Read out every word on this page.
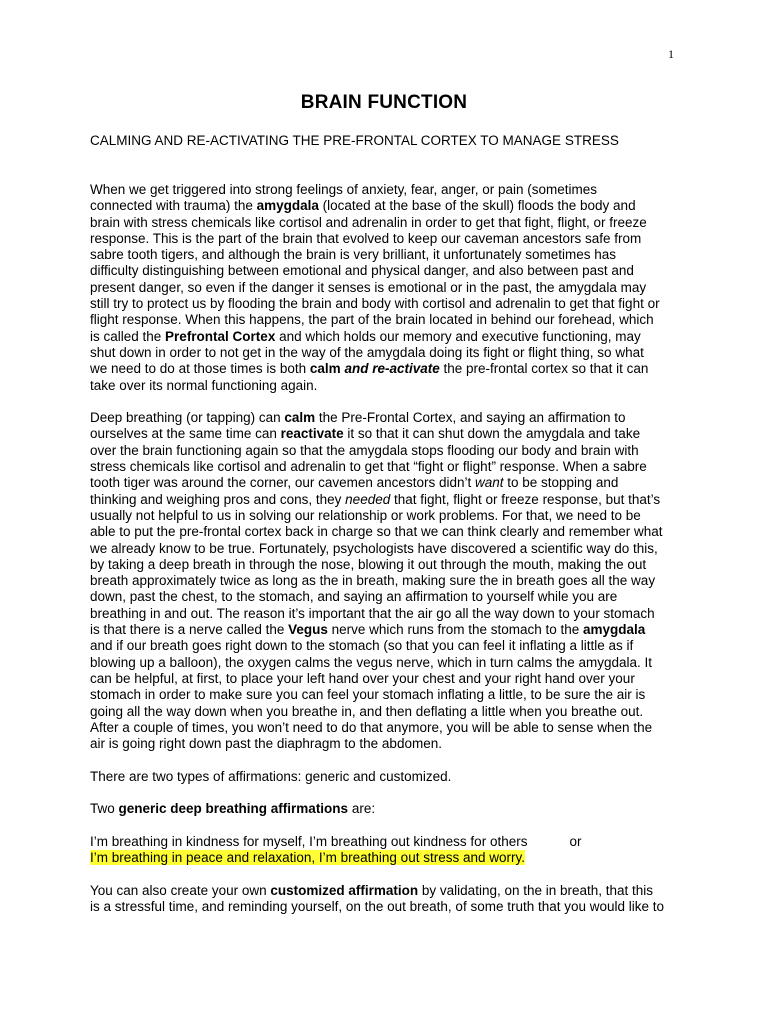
1
BRAIN FUNCTION
CALMING AND RE-ACTIVATING THE PRE-FRONTAL CORTEX TO MANAGE STRESS

When we get triggered into strong feelings of anxiety, fear, anger, or pain (sometimes
connected with trauma) the amygdala (located at the base of the skull) floods the body and
brain with stress chemicals like cortisol and adrenalin in order to get that fight, flight, or freeze
response. This is the part of the brain that evolved to keep our caveman ancestors safe from
sabre tooth tigers, and although the brain is very brilliant, it unfortunately sometimes has
difficulty distinguishing between emotional and physical danger, and also between past and
present danger, so even if the danger it senses is emotional or in the past, the amygdala may
still try to protect us by flooding the brain and body with cortisol and adrenalin to get that fight or
flight response. When this happens, the part of the brain located in behind our forehead, which
is called the Prefrontal Cortex and which holds our memory and executive functioning, may
shut down in order to not get in the way of the amygdala doing its fight or flight thing, so what
we need to do at those times is both calm and re-activate the pre-frontal cortex so that it can
take over its normal functioning again.

Deep breathing (or tapping) can calm the Pre-Frontal Cortex, and saying an affirmation to
ourselves at the same time can reactivate it so that it can shut down the amygdala and take
over the brain functioning again so that the amygdala stops flooding our body and brain with
stress chemicals like cortisol and adrenalin to get that “fight or flight” response. When a sabre
tooth tiger was around the corner, our cavemen ancestors didn’t want to be stopping and
thinking and weighing pros and cons, they needed that fight, flight or freeze response, but that’s
usually not helpful to us in solving our relationship or work problems. For that, we need to be
able to put the pre-frontal cortex back in charge so that we can think clearly and remember what
we already know to be true. Fortunately, psychologists have discovered a scientific way do this,
by taking a deep breath in through the nose, blowing it out through the mouth, making the out
breath approximately twice as long as the in breath, making sure the in breath goes all the way
down, past the chest, to the stomach, and saying an affirmation to yourself while you are
breathing in and out. The reason it’s important that the air go all the way down to your stomach
is that there is a nerve called the Vegus nerve which runs from the stomach to the amygdala
and if our breath goes right down to the stomach (so that you can feel it inflating a little as if
blowing up a balloon), the oxygen calms the vegus nerve, which in turn calms the amygdala. It
can be helpful, at first, to place your left hand over your chest and your right hand over your
stomach in order to make sure you can feel your stomach inflating a little, to be sure the air is
going all the way down when you breathe in, and then deflating a little when you breathe out.
After a couple of times, you won’t need to do that anymore, you will be able to sense when the
air is going right down past the diaphragm to the abdomen.

There are two types of affirmations: generic and customized.

Two generic deep breathing affirmations are:

I’m breathing in kindness for myself, I’m breathing out kindness for others	or
I’m breathing in peace and relaxation, I’m breathing out stress and worry.

You can also create your own customized affirmation by validating, on the in breath, that this
is a stressful time, and reminding yourself, on the out breath, of some truth that you would like to
